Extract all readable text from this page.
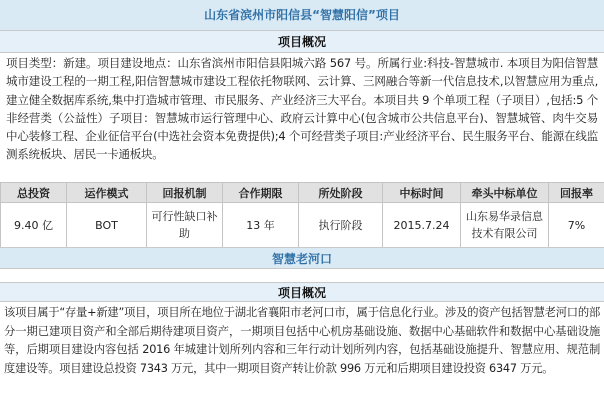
山东省滨州市阳信县“智慧阳信”项目
项目概况

项目类型：新建。项目建设地点：山东省滨州市阳信县阳城六路 567 号。所属行业:科技-智慧城市. 本项目为阳信智慧城市建设工程的一期工程,阳信智慧城市建设工程依托物联网、云计算、三网融合等新一代信息技术,以智慧应用为重点,建立健全数据库系统,集中打造城市管理、市民服务、产业经济三大平台。本项目共 9 个单项工程（子项目）,包括:5 个非经营类（公益性）子项目：智慧城市运行管理中心、政府云计算中心(包含城市公共信息平台)、智慧城管、肉牛交易中心装修工程、企业征信平台(中选社会资本免费提供);4 个可经营类子项目:产业经济平台、民生服务平台、能源在线监测系统板块、居民一卡通板块。

总投资	运作模式	回报机制	合作期限	所处阶段	中标时间	牵头中标单位	回报率
9.40 亿	BOT	可行性缺口补助	13 年	执行阶段	2015.7.24	山东易华录信息技术有限公司	7%
智慧老河口
项目概况

该项目属于“存量+新建”项目，项目所在地位于湖北省襄阳市老河口市，属于信息化行业。涉及的资产包括智慧老河口的部分一期已建项目资产和全部后期待建项目资产，一期项目包括中心机房基础设施、数据中心基础软件和数据中心基础设施等，后期项目建设内容包括 2016 年城建计划所列内容和三年行动计划所列内容，包括基础设施提升、智慧应用、规范制度建设等。项目建设总投资 7343 万元，其中一期项目资产转让价款 996 万元和后期项目建设投资 6347 万元。
